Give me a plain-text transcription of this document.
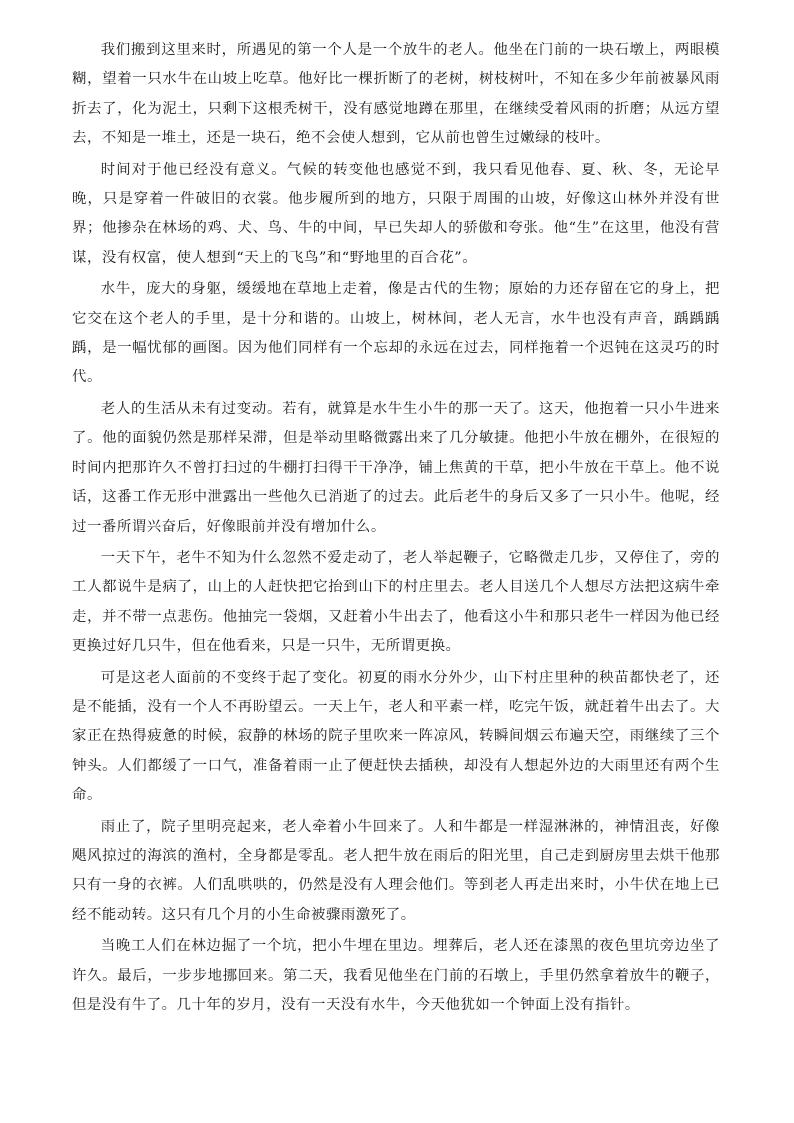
我们搬到这里来时，所遇见的第一个人是一个放牛的老人。他坐在门前的一块石墩上，两眼模糊，望着一只水牛在山坡上吃草。他好比一棵折断了的老树，树枝树叶，不知在多少年前被暴风雨折去了，化为泥土，只剩下这根秃树干，没有感觉地蹲在那里，在继续受着风雨的折磨；从远方望去，不知是一堆土，还是一块石，绝不会使人想到，它从前也曾生过嫩绿的枝叶。

时间对于他已经没有意义。气候的转变他也感觉不到，我只看见他春、夏、秋、冬，无论早晚，只是穿着一件破旧的衣裳。他步履所到的地方，只限于周围的山坡，好像这山林外并没有世界；他掺杂在林场的鸡、犬、鸟、牛的中间，早已失却人的骄傲和夸张。他“生”在这里，他没有营谋，没有权富，使人想到“天上的飞鸟”和“野地里的百合花”。

水牛，庞大的身躯，缓缓地在草地上走着，像是古代的生物；原始的力还存留在它的身上，把它交在这个老人的手里，是十分和谐的。山坡上，树林间，老人无言，水牛也没有声音，踽踽踽踽，是一幅忧郁的画图。因为他们同样有一个忘却的永远在过去，同样拖着一个迟钝在这灵巧的时代。

老人的生活从未有过变动。若有，就算是水牛生小牛的那一天了。这天，他抱着一只小牛进来了。他的面貌仍然是那样呆滞，但是举动里略微露出来了几分敏捷。他把小牛放在棚外，在很短的时间内把那许久不曾打扫过的牛棚打扫得干干净净，铺上焦黄的干草，把小牛放在干草上。他不说话，这番工作无形中泄露出一些他久已消逝了的过去。此后老牛的身后又多了一只小牛。他呢，经过一番所谓兴奋后，好像眼前并没有增加什么。

一天下午，老牛不知为什么忽然不爱走动了，老人举起鞭子，它略微走几步，又停住了，旁的工人都说牛是病了，山上的人赶快把它抬到山下的村庄里去。老人目送几个人想尽方法把这病牛牵走，并不带一点悲伤。他抽完一袋烟，又赶着小牛出去了，他看这小牛和那只老牛一样因为他已经更换过好几只牛，但在他看来，只是一只牛，无所谓更换。

可是这老人面前的不变终于起了变化。初夏的雨水分外少，山下村庄里种的秧苗都快老了，还是不能插，没有一个人不再盼望云。一天上午，老人和平素一样，吃完午饭，就赶着牛出去了。大家正在热得疲惫的时候，寂静的林场的院子里吹来一阵凉风，转瞬间烟云布遍天空，雨继续了三个钟头。人们都缓了一口气，准备着雨一止了便赶快去插秧，却没有人想起外边的大雨里还有两个生命。

雨止了，院子里明亮起来，老人牵着小牛回来了。人和牛都是一样湿淋淋的，神情沮丧，好像飓风掠过的海滨的渔村，全身都是零乱。老人把牛放在雨后的阳光里，自己走到厨房里去烘干他那只有一身的衣裤。人们乱哄哄的，仍然是没有人理会他们。等到老人再走出来时，小牛伏在地上已经不能动转。这只有几个月的小生命被骤雨激死了。

当晚工人们在林边掘了一个坑，把小牛埋在里边。埋葬后，老人还在漆黑的夜色里坑旁边坐了许久。最后，一步步地挪回来。第二天，我看见他坐在门前的石墩上，手里仍然拿着放牛的鞭子，但是没有牛了。几十年的岁月，没有一天没有水牛，今天他犹如一个钟面上没有指针。
